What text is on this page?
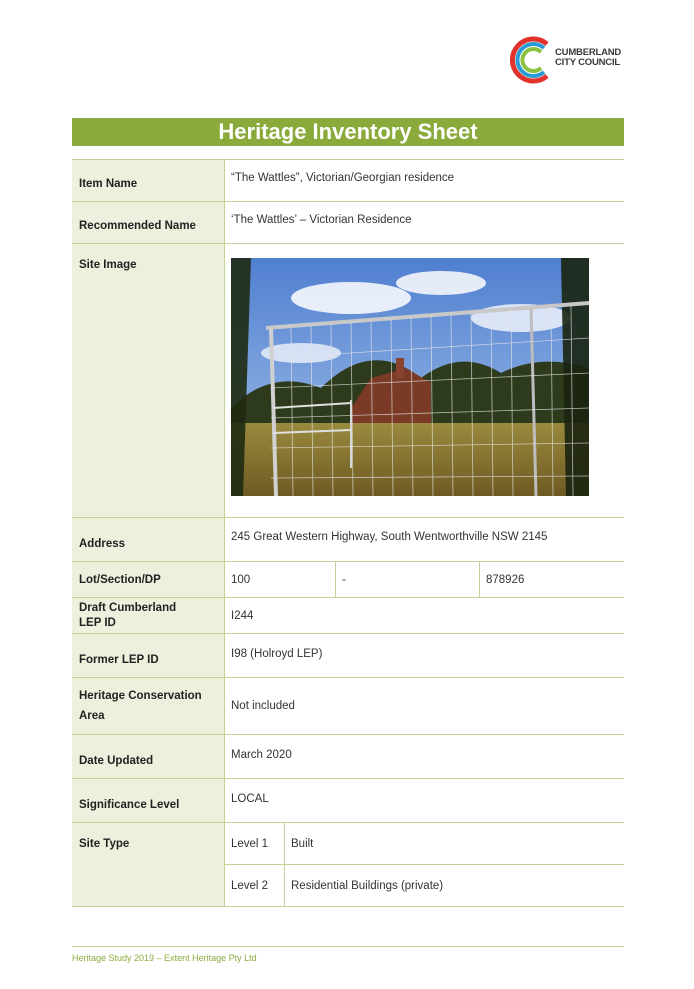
CUMBERLAND
CITY COUNCIL
Heritage Inventory Sheet
Item Name	“The Wattles”, Victorian/Georgian residence
Recommended Name	‘The Wattles’ – Victorian Residence
Site Image	

Address	245 Great Western Highway, South Wentworthville NSW 2145
Lot/Section/DP		100	-	878926

Draft Cumberland
LEP ID
	I244
Former LEP ID	I98 (Holroyd LEP)

Heritage Conservation
Area
	Not included
Date Updated	March 2020
Significance Level	LOCAL
Site Type		Level 1	Built
Level 2	Residential Buildings (private)
Heritage Study 2019 – Extent Heritage Pty Ltd
